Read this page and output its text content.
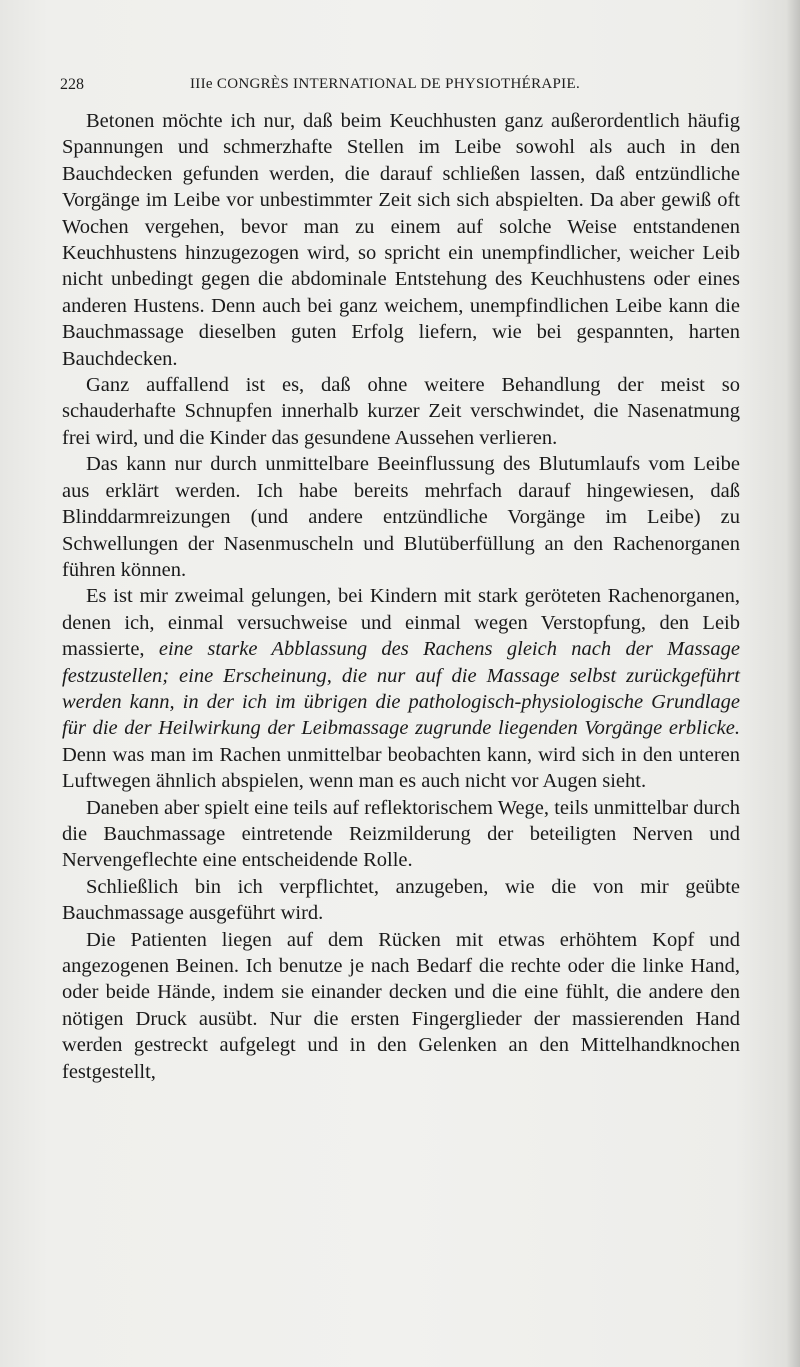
228	IIIe CONGRÈS INTERNATIONAL DE PHYSIOTHÉRAPIE.

Betonen möchte ich nur, daß beim Keuchhusten ganz außerordentlich häufig Spannungen und schmerzhafte Stellen im Leibe sowohl als auch in den Bauchdecken gefunden werden, die darauf schließen lassen, daß entzündliche Vorgänge im Leibe vor unbestimmter Zeit sich sich abspielten. Da aber gewiß oft Wochen vergehen, bevor man zu einem auf solche Weise entstandenen Keuchhustens hinzugezogen wird, so spricht ein unempfindlicher, weicher Leib nicht unbedingt gegen die abdominale Entstehung des Keuchhustens oder eines anderen Hustens. Denn auch bei ganz weichem, unempfindlichen Leibe kann die Bauchmassage dieselben guten Erfolg liefern, wie bei gespannten, harten Bauchdecken.

Ganz auffallend ist es, daß ohne weitere Behandlung der meist so schauderhafte Schnupfen innerhalb kurzer Zeit verschwindet, die Nasenatmung frei wird, und die Kinder das gesundene Aussehen verlieren.

Das kann nur durch unmittelbare Beeinflussung des Blutumlaufs vom Leibe aus erklärt werden. Ich habe bereits mehrfach darauf hingewiesen, daß Blinddarmreizungen (und andere entzündliche Vorgänge im Leibe) zu Schwellungen der Nasenmuscheln und Blutüberfüllung an den Rachenorganen führen können.

Es ist mir zweimal gelungen, bei Kindern mit stark geröteten Rachenorganen, denen ich, einmal versuchweise und einmal wegen Verstopfung, den Leib massierte, eine starke Abblassung des Rachens gleich nach der Massage festzustellen; eine Erscheinung, die nur auf die Massage selbst zurückgeführt werden kann, in der ich im übrigen die pathologisch-physiologische Grundlage für die der Heilwirkung der Leibmassage zugrunde liegenden Vorgänge erblicke. Denn was man im Rachen unmittelbar beobachten kann, wird sich in den unteren Luftwegen ähnlich abspielen, wenn man es auch nicht vor Augen sieht.

Daneben aber spielt eine teils auf reflektorischem Wege, teils unmittelbar durch die Bauchmassage eintretende Reizmilderung der beteiligten Nerven und Nervengeflechte eine entscheidende Rolle.

Schließlich bin ich verpflichtet, anzugeben, wie die von mir geübte Bauchmassage ausgeführt wird.

Die Patienten liegen auf dem Rücken mit etwas erhöhtem Kopf und angezogenen Beinen. Ich benutze je nach Bedarf die rechte oder die linke Hand, oder beide Hände, indem sie einander decken und die eine fühlt, die andere den nötigen Druck ausübt. Nur die ersten Fingerglieder der massierenden Hand werden gestreckt aufgelegt und in den Gelenken an den Mittelhandknochen festgestellt,
